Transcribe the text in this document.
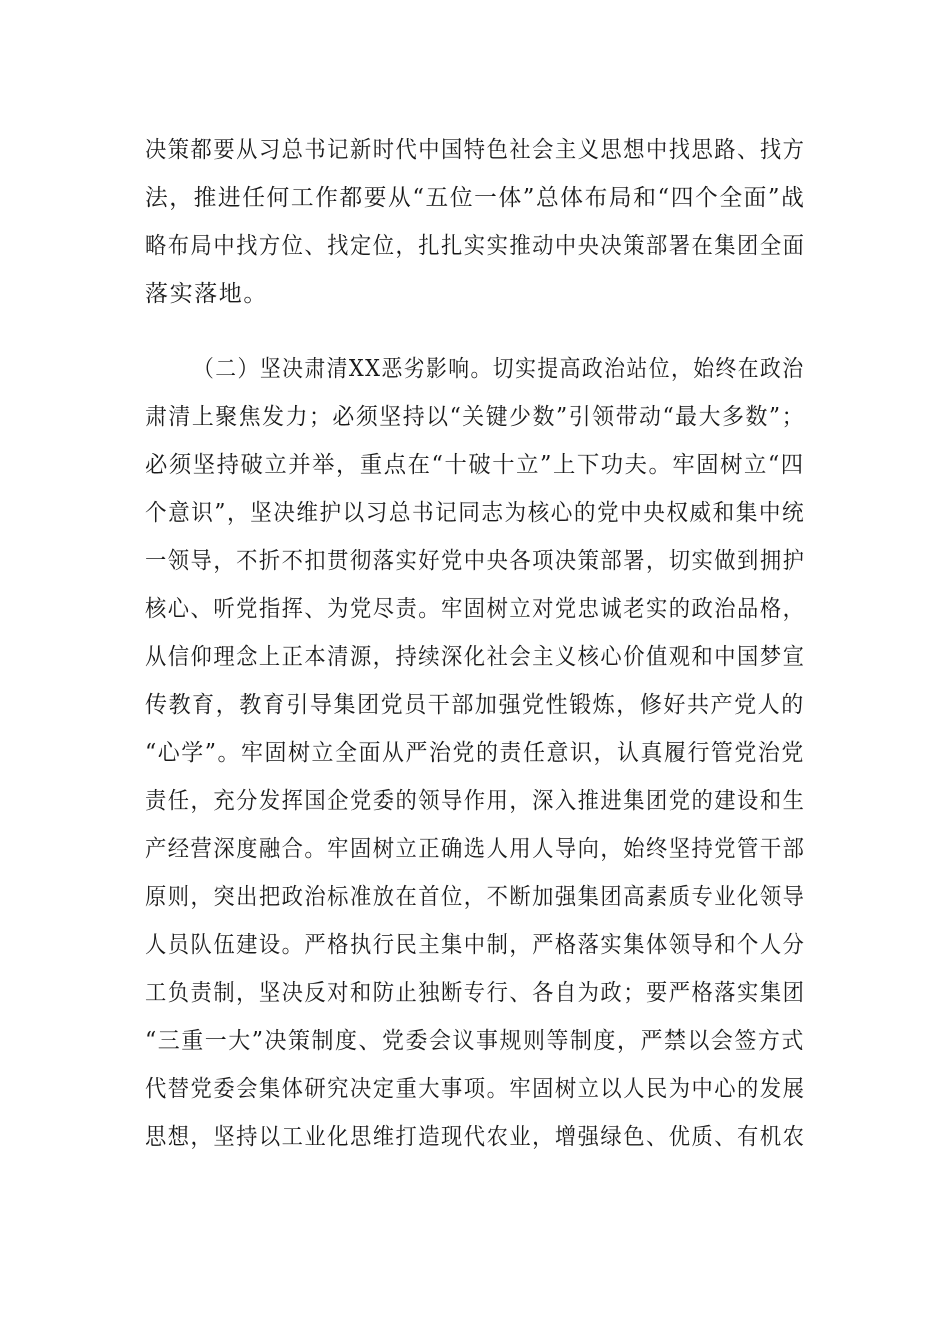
决策都要从习总书记新时代中国特色社会主义思想中找思路、找方
法，推进任何工作都要从“五位一体”总体布局和“四个全面”战
略布局中找方位、找定位，扎扎实实推动中央决策部署在集团全面
落实落地。
（二）坚决肃清XX恶劣影响。切实提高政治站位，始终在政治
肃清上聚焦发力；必须坚持以“关键少数”引领带动“最大多数”；
必须坚持破立并举，重点在“十破十立”上下功夫。牢固树立“四
个意识”，坚决维护以习总书记同志为核心的党中央权威和集中统
一领导，不折不扣贯彻落实好党中央各项决策部署，切实做到拥护
核心、听党指挥、为党尽责。牢固树立对党忠诚老实的政治品格，
从信仰理念上正本清源，持续深化社会主义核心价值观和中国梦宣
传教育，教育引导集团党员干部加强党性锻炼，修好共产党人的
“心学”。牢固树立全面从严治党的责任意识，认真履行管党治党
责任，充分发挥国企党委的领导作用，深入推进集团党的建设和生
产经营深度融合。牢固树立正确选人用人导向，始终坚持党管干部
原则，突出把政治标准放在首位，不断加强集团高素质专业化领导
人员队伍建设。严格执行民主集中制，严格落实集体领导和个人分
工负责制，坚决反对和防止独断专行、各自为政；要严格落实集团
“三重一大”决策制度、党委会议事规则等制度，严禁以会签方式
代替党委会集体研究决定重大事项。牢固树立以人民为中心的发展
思想，坚持以工业化思维打造现代农业，增强绿色、优质、有机农
